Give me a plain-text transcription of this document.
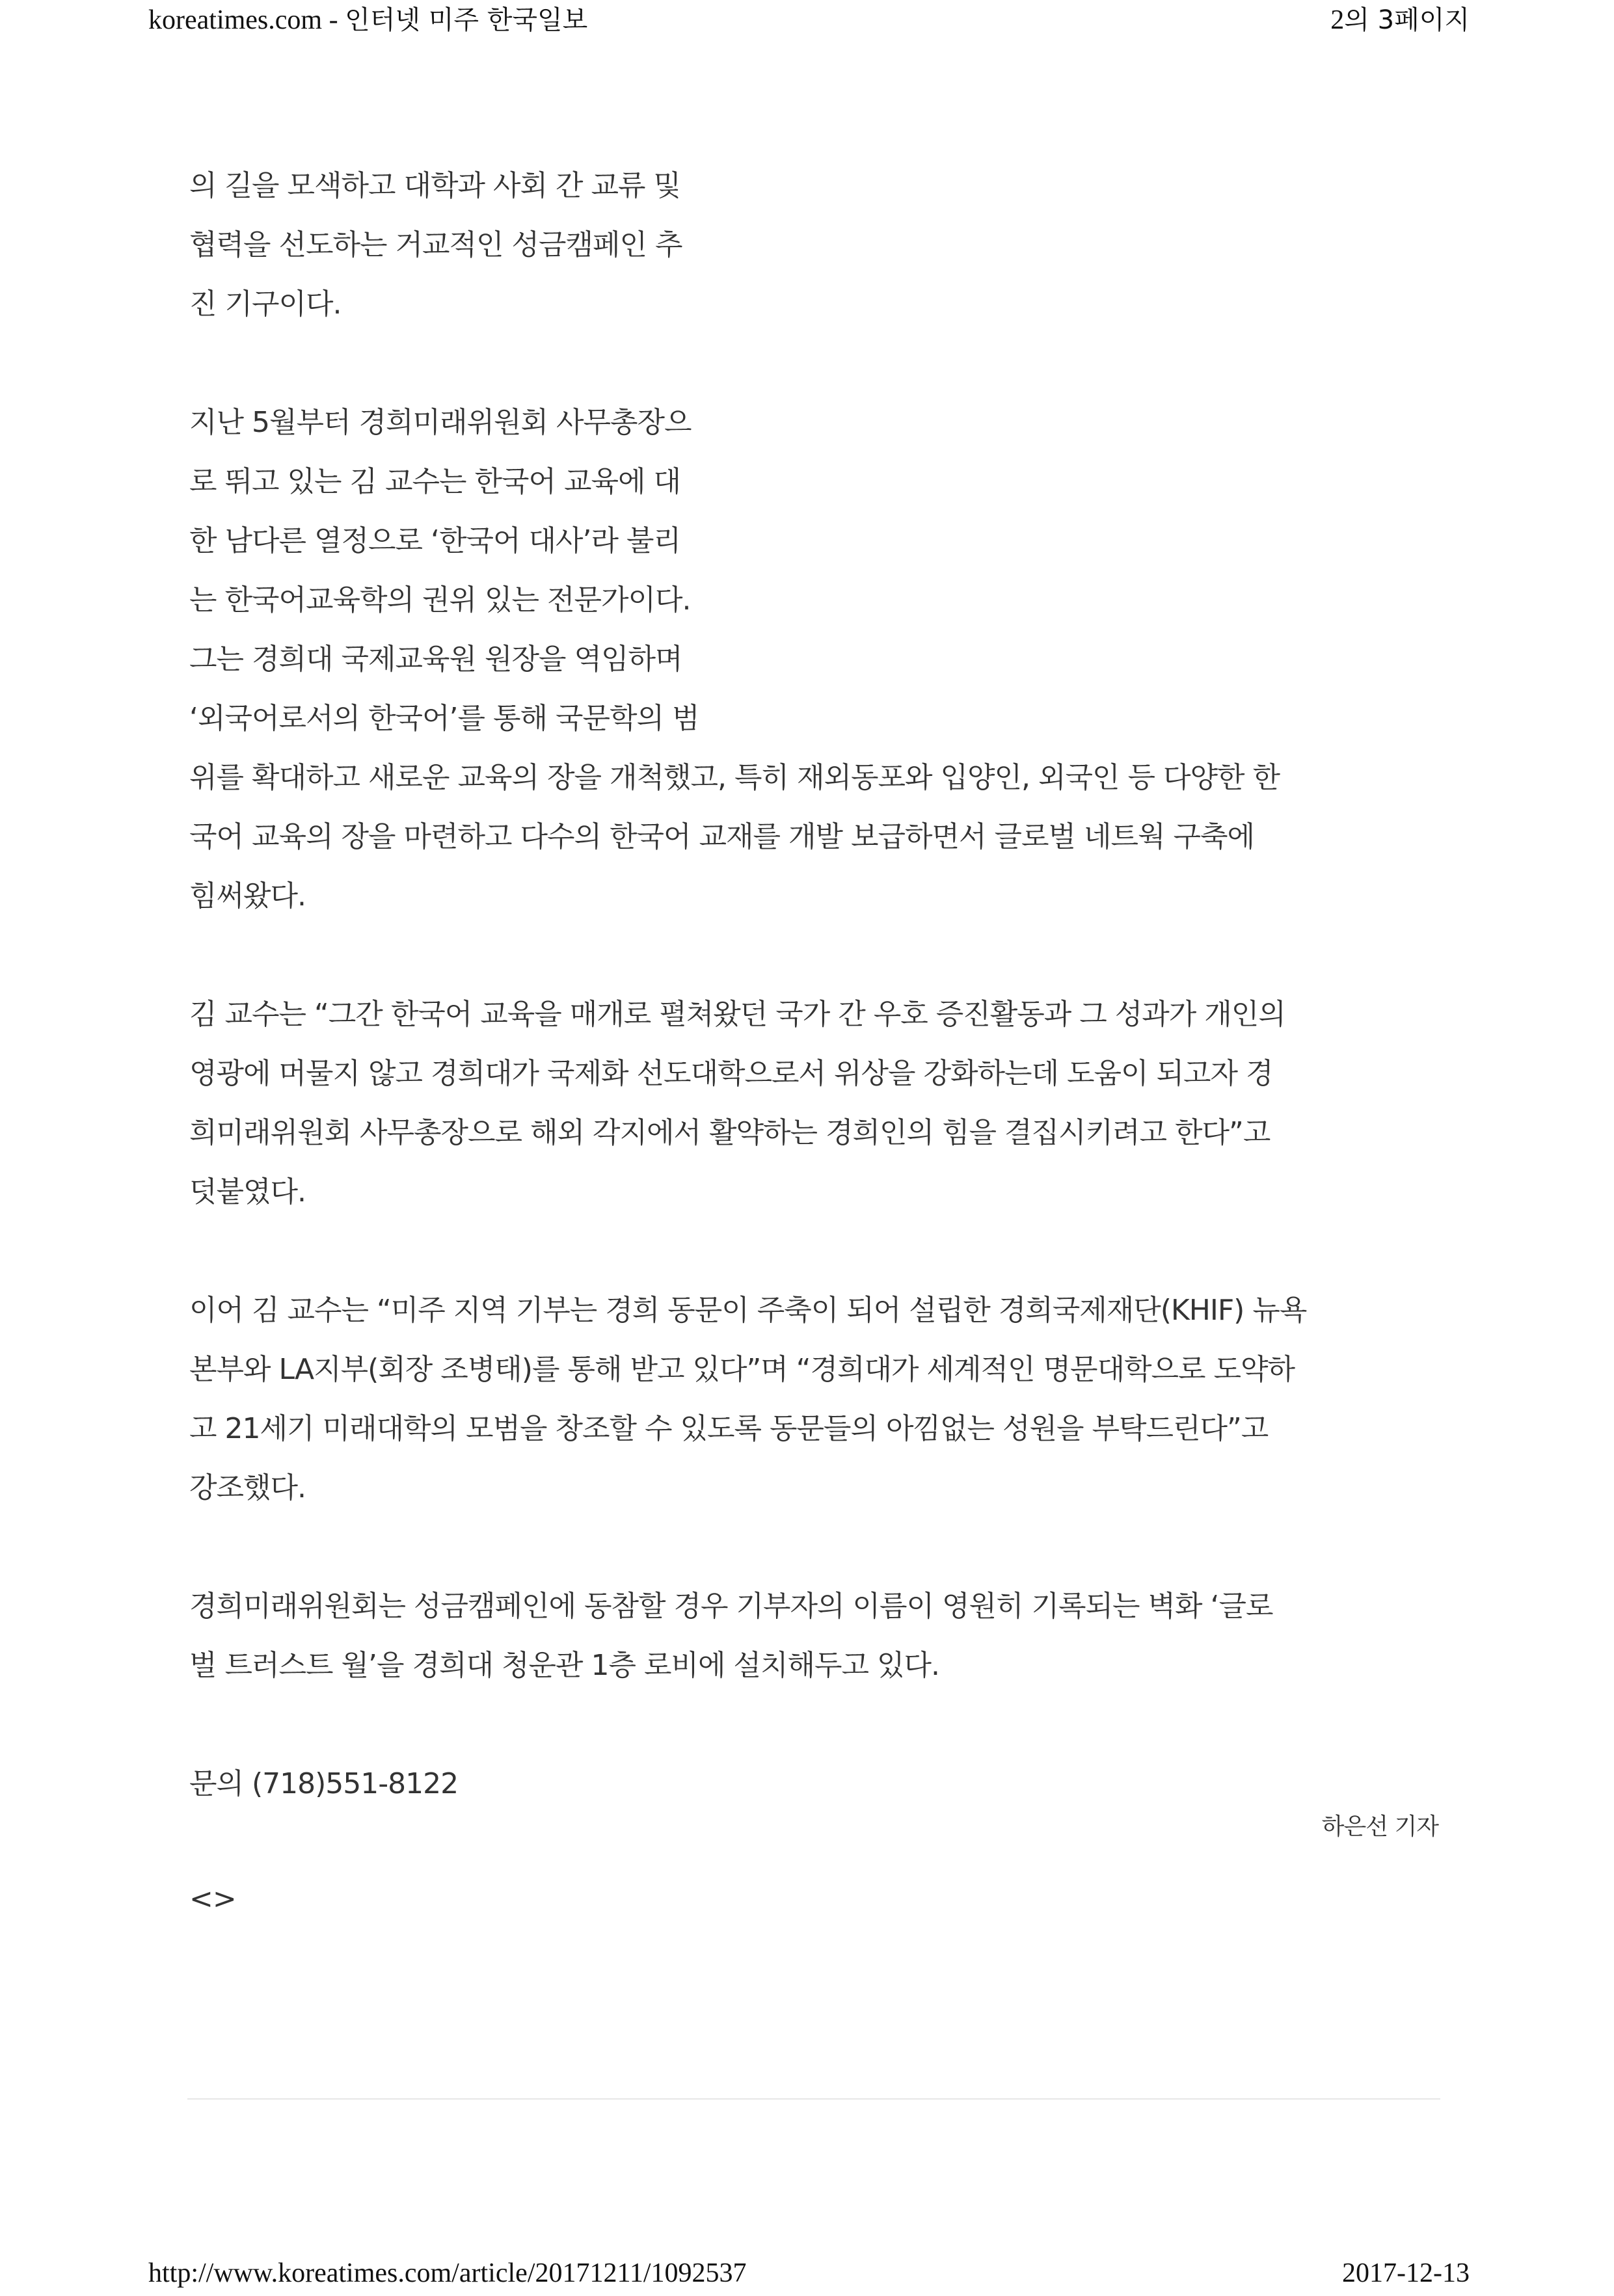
koreatimes.com - 인터넷 미주 한국일보	2의 3페이지

의 길을 모색하고 대학과 사회 간 교류 및

협력을 선도하는 거교적인 성금캠페인 추

진 기구이다.

지난 5월부터 경희미래위원회 사무총장으

로 뛰고 있는 김 교수는 한국어 교육에 대

한 남다른 열정으로 ‘한국어 대사’라 불리

는 한국어교육학의 권위 있는 전문가이다.

그는 경희대 국제교육원 원장을 역임하며

‘외국어로서의 한국어’를 통해 국문학의 범

위를 확대하고 새로운 교육의 장을 개척했고, 특히 재외동포와 입양인, 외국인 등 다양한 한

국어 교육의 장을 마련하고 다수의 한국어 교재를 개발 보급하면서 글로벌 네트웍 구축에

힘써왔다.

김 교수는 “그간 한국어 교육을 매개로 펼쳐왔던 국가 간 우호 증진활동과 그 성과가 개인의

영광에 머물지 않고 경희대가 국제화 선도대학으로서 위상을 강화하는데 도움이 되고자 경

희미래위원회 사무총장으로 해외 각지에서 활약하는 경희인의 힘을 결집시키려고 한다”고

덧붙였다.

이어 김 교수는 “미주 지역 기부는 경희 동문이 주축이 되어 설립한 경희국제재단(KHIF) 뉴욕

본부와 LA지부(회장 조병태)를 통해 받고 있다”며 “경희대가 세계적인 명문대학으로 도약하

고 21세기 미래대학의 모범을 창조할 수 있도록 동문들의 아낌없는 성원을 부탁드린다”고

강조했다.

경희미래위원회는 성금캠페인에 동참할 경우 기부자의 이름이 영원히 기록되는 벽화 ‘글로

벌 트러스트 월’을 경희대 청운관 1층 로비에 설치해두고 있다.

문의 (718)551-8122

하은선 기자

<>

http://www.koreatimes.com/article/20171211/1092537	2017-12-13
